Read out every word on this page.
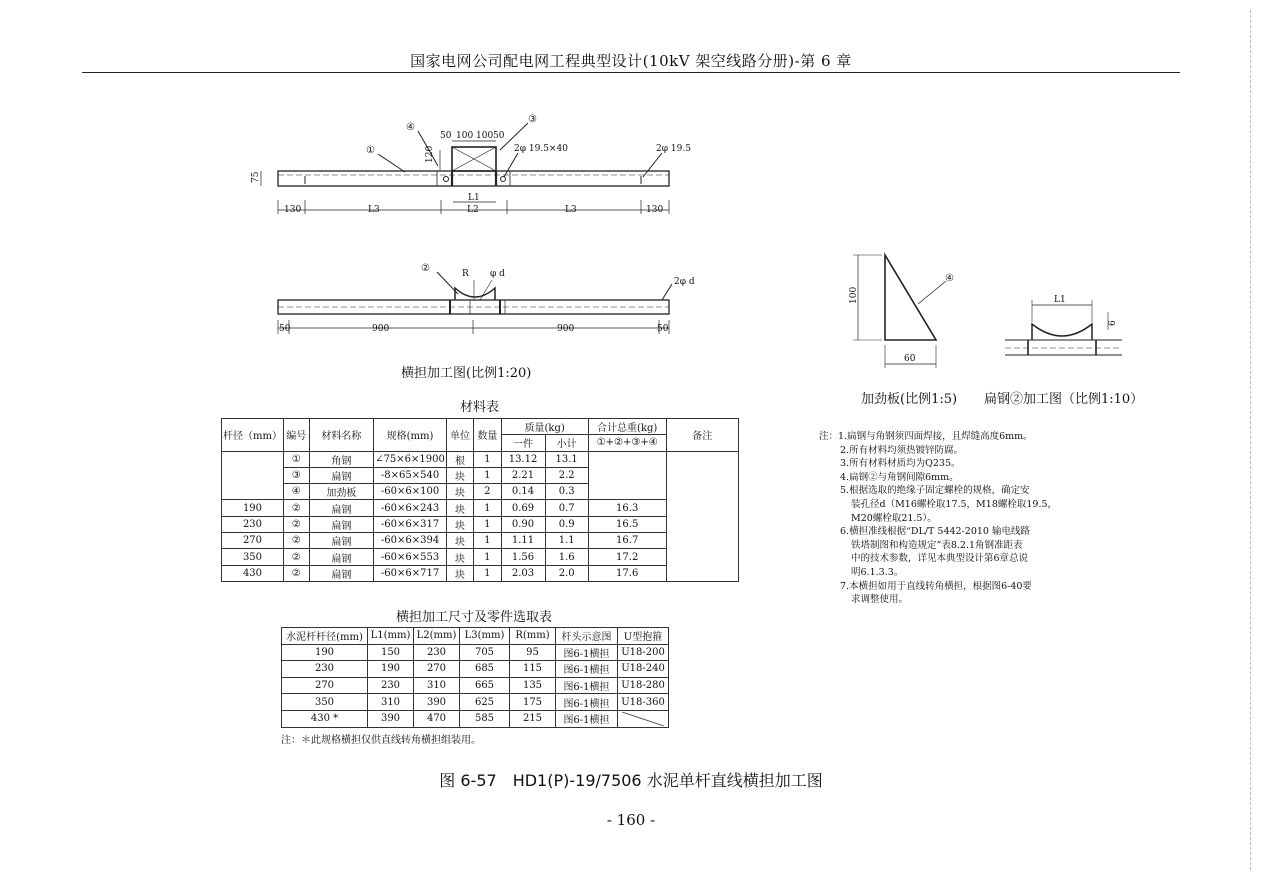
国家电网公司配电网工程典型设计(10kV 架空线路分册)-第 6 章
①
④
③
50 100 100 50
120
75
2φ 19.5×40	2φ 19.5
130	L3	L2	L3	130
L1
②	R φ d
2φ d
50	900	900	50
横担加工图(比例1:20)
④
100
60
加劲板(比例1:5)
L1
6
扁钢②加工图（比例1:10）
材料表
杆径（mm）	编号	材料名称	规格(mm)	单位	数量	质量(kg)		合计总重(kg)	备注
						一件	小计	①+②+③+④	
	①	角钢	∠75×6×1900	根	1	13.12	13.1		
	③	扁钢	-8×65×540	块	1	2.21	2.2		
	④	加劲板	-60×6×100	块	2	0.14	0.3		
190	②	扁钢	-60×6×243	块	1	0.69	0.7	16.3	
230	②	扁钢	-60×6×317	块	1	0.90	0.9	16.5	
270	②	扁钢	-60×6×394	块	1	1.11	1.1	16.7	
350	②	扁钢	-60×6×553	块	1	1.56	1.6	17.2	
430	②	扁钢	-60×6×717	块	1	2.03	2.0	17.6	
注：1.扁钢与角钢须四面焊接，且焊缝高度6mm。
2.所有材料均须热镀锌防腐。
3.所有材料材质均为Q235。
4.扁钢②与角钢间隙6mm。
5.根据选取的绝缘子固定螺栓的规格，确定安
装孔径d（M16螺栓取17.5，M18螺栓取19.5，
M20螺栓取21.5）。
6.横担准线根据“DL/T 5442-2010 输电线路
铁塔制图和构造规定”表8.2.1角钢准距表
中的技术参数，详见本典型设计第6章总说
明6.1.3.3。
7.本横担如用于直线转角横担，根据图6-40要
求调整使用。
横担加工尺寸及零件选取表
水泥杆杆径(mm)	L1(mm)	L2(mm)	L3(mm)	R(mm)	杆头示意图	U型抱箍
190	150	230	705	95	图6-1横担	U18-200
230	190	270	685	115	图6-1横担	U18-240
270	230	310	665	135	图6-1横担	U18-280
350	310	390	625	175	图6-1横担	U18-360
430 *	390	470	585	215	图6-1横担	
注：＊此规格横担仅供直线转角横担组装用。
图 6-57　HD1(P)-19/7506 水泥单杆直线横担加工图
- 160 -
